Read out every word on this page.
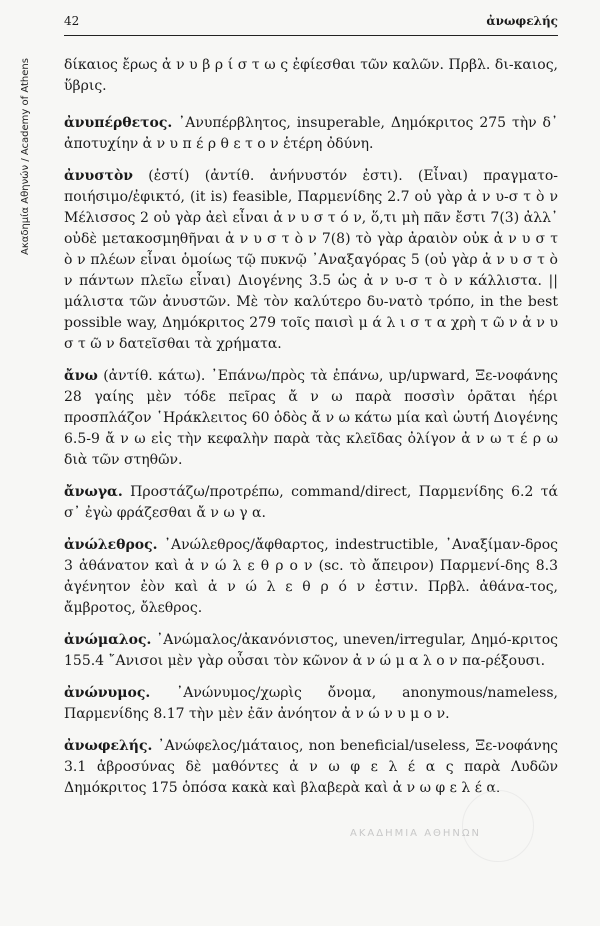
42	ἀνωφελής
Ακαδημία Αθηνών / Academy of Athens	δίκαιος ἔρως ἀ ν υ β ρ ί σ τ ω ς ἐφίεσθαι τῶν καλῶν. Πρβλ. δι-καιος, ὕβρις.

ἀνυπέρθετος. ᾽Ανυπέρβλητος, insuperable, Δημόκριτος 275 τὴν δ᾽ ἀποτυχίην ἀ ν υ π έ ρ θ ε τ ο ν ἑτέρη ὀδύνη.

ἀνυστὸν (ἐστί) (ἀντίθ. ἀνήνυστόν ἐστι). (Εἶναι) πραγματο-ποιήσιμο/ἐφικτό, (it is) feasible, Παρμενίδης 2.7 οὐ γὰρ ἀ ν υ-σ τ ὸ ν Μέλισσος 2 οὐ γὰρ ἀεὶ εἶναι ἀ ν υ σ τ ό ν, ὅ,τι μὴ πᾶν ἔστι 7(3) ἀλλ᾽ οὐδὲ μετακοσμηθῆναι ἀ ν υ σ τ ὸ ν 7(8) τὸ γὰρ ἀραιὸν οὐκ ἀ ν υ σ τ ὸ ν πλέων εἶναι ὁμοίως τῷ πυκνῷ ᾽Αναξαγόρας 5 (οὐ γὰρ ἀ ν υ σ τ ὸ ν πάντων πλεῖω εἶναι) Διογένης 3.5 ὡς ἀ ν υ-σ τ ὸ ν κάλλιστα. || μάλιστα τῶν ἀνυστῶν. Μὲ τὸν καλύτερο δυ-νατὸ τρόπο, in the best possible way, Δημόκριτος 279 τοῖς παισὶ μ ά λ ι σ τ α χρὴ τ ῶ ν ἀ ν υ σ τ ῶ ν δατεῖσθαι τὰ χρήματα.

ἄνω (ἀντίθ. κάτω). ᾽Επάνω/πρὸς τὰ ἐπάνω, up/upward, Ξε-νοφάνης 28 γαίης μὲν τόδε πεῖρας ἄ ν ω παρὰ ποσσὶν ὁρᾶται ἠέρι προσπλάζον ῾Ηράκλειτος 60 ὁδὸς ἄ ν ω κάτω μία καὶ ὡυτή Διογένης 6.5-9 ἄ ν ω εἰς τὴν κεφαλὴν παρὰ τὰς κλεῖδας ὀλίγον ἀ ν ω τ έ ρ ω διὰ τῶν στηθῶν.

ἄνωγα. Προστάζω/προτρέπω, command/direct, Παρμενίδης 6.2 τά σ᾽ ἐγὼ φράζεσθαι ἄ ν ω γ α.

ἀνώλεθρος. ᾽Ανώλεθρος/ἄφθαρτος, indestructible, ᾽Αναξίμαν-δρος 3 ἀθάνατον καὶ ἀ ν ώ λ ε θ ρ ο ν (sc. τὸ ἄπειρον) Παρμενί-δης 8.3 ἀγένητον ἐὸν καὶ ἀ ν ώ λ ε θ ρ ό ν ἐστιν. Πρβλ. ἀθάνα-τος, ἄμβροτος, ὄλεθρος.

ἀνώμαλος. ᾽Ανώμαλος/ἀκανόνιστος, uneven/irregular, Δημό-κριτος 155.4 ῎Ανισοι μὲν γὰρ οὖσαι τὸν κῶνον ἀ ν ώ μ α λ ο ν πα-ρέξουσι.

ἀνώνυμος. ᾽Ανώνυμος/χωρὶς ὄνομα, anonymous/nameless, Παρμενίδης 8.17 τὴν μὲν ἐᾶν ἀνόητον ἀ ν ώ ν υ μ ο ν.

ἀνωφελής. ᾽Ανώφελος/μάταιος, non beneficial/useless, Ξε-νοφάνης 3.1 ἁβροσύνας δὲ μαθόντες ἀ ν ω φ ε λ έ α ς παρὰ Λυδῶν Δημόκριτος 175 ὁπόσα κακὰ καὶ βλαβερὰ καὶ ἀ ν ω φ ε λ έ α.

ΑΚΑΔΗΜΙΑ ΑΘΗΝΩΝ
